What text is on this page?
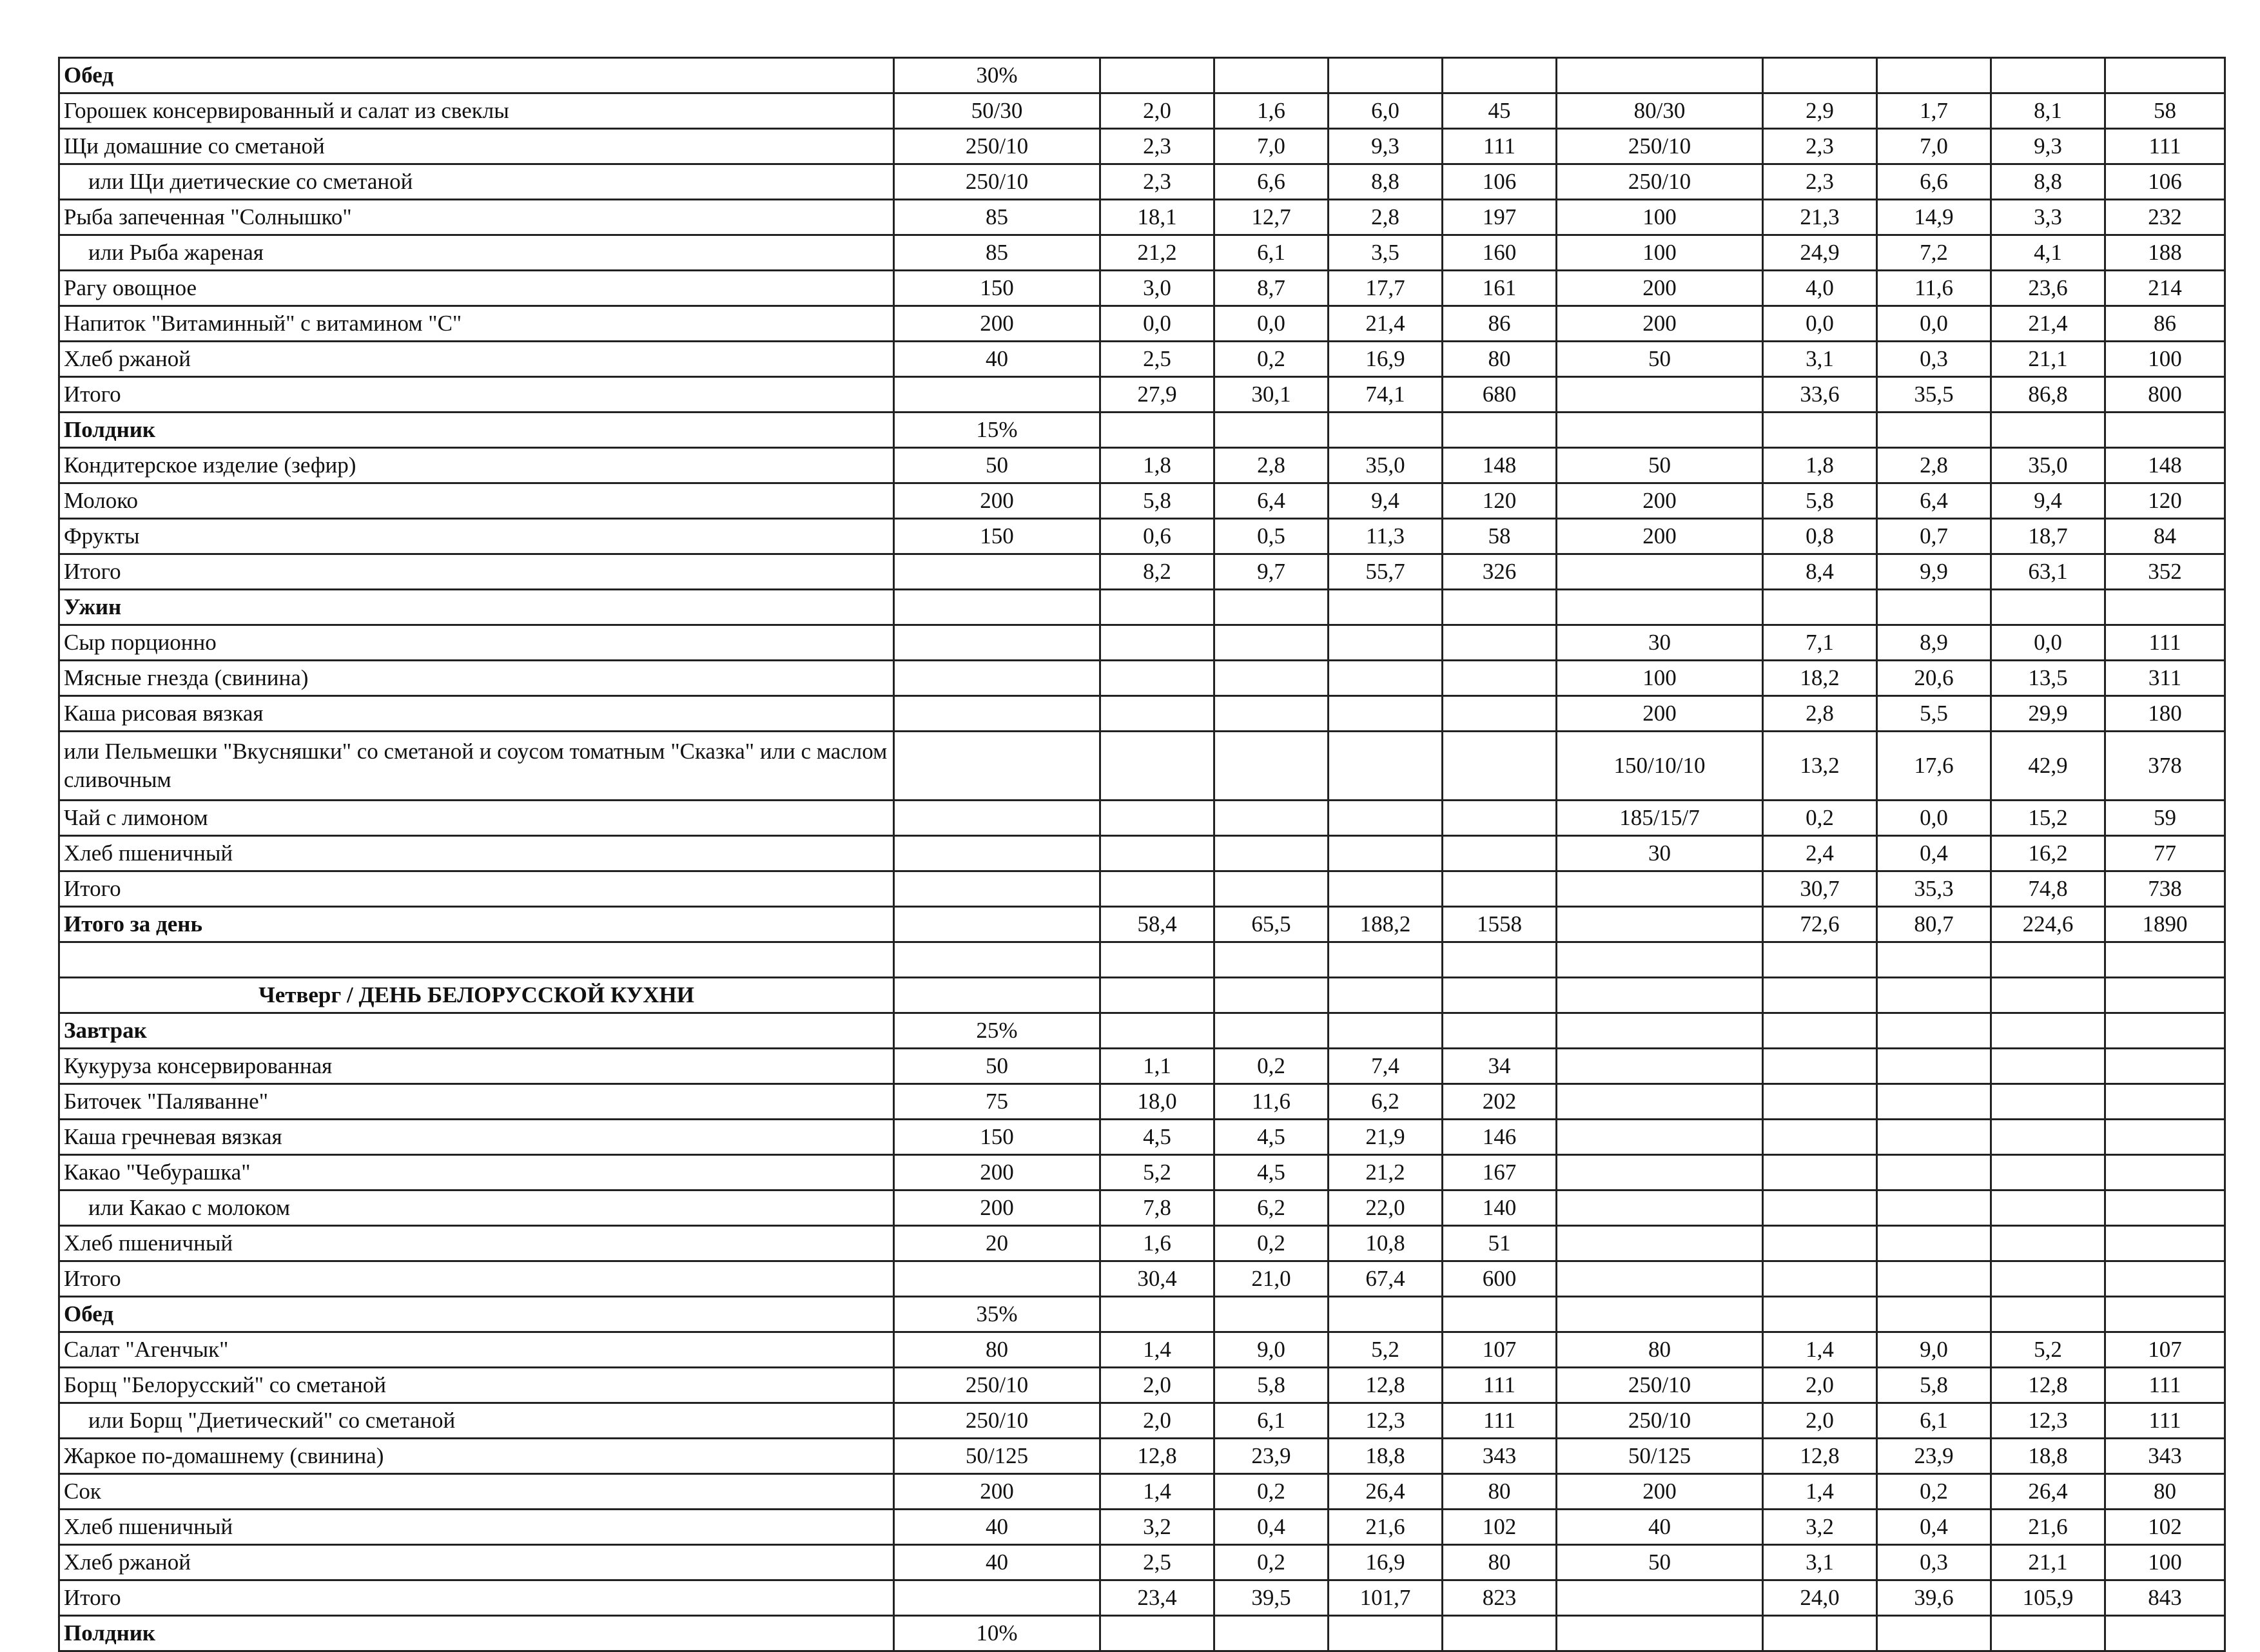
Обед	30%									
Горошек консервированный и салат из свеклы	50/30	2,0	1,6	6,0	45	80/30	2,9	1,7	8,1	58
Щи домашние со сметаной	250/10	2,3	7,0	9,3	111	250/10	2,3	7,0	9,3	111
или Щи диетические со сметаной	250/10	2,3	6,6	8,8	106	250/10	2,3	6,6	8,8	106
Рыба запеченная "Солнышко"	85	18,1	12,7	2,8	197	100	21,3	14,9	3,3	232
или Рыба жареная	85	21,2	6,1	3,5	160	100	24,9	7,2	4,1	188
Рагу овощное	150	3,0	8,7	17,7	161	200	4,0	11,6	23,6	214
Напиток "Витаминный" с витамином "С"	200	0,0	0,0	21,4	86	200	0,0	0,0	21,4	86
Хлеб ржаной	40	2,5	0,2	16,9	80	50	3,1	0,3	21,1	100
Итого		27,9	30,1	74,1	680		33,6	35,5	86,8	800
Полдник	15%									
Кондитерское изделие (зефир)	50	1,8	2,8	35,0	148	50	1,8	2,8	35,0	148
Молоко	200	5,8	6,4	9,4	120	200	5,8	6,4	9,4	120
Фрукты	150	0,6	0,5	11,3	58	200	0,8	0,7	18,7	84
Итого		8,2	9,7	55,7	326		8,4	9,9	63,1	352
Ужин										
Сыр порционно						30	7,1	8,9	0,0	111
Мясные гнезда (свинина)						100	18,2	20,6	13,5	311
Каша рисовая вязкая						200	2,8	5,5	29,9	180
или Пельмешки "Вкусняшки" со сметаной и соусом томатным "Сказка" или с маслом сливочным						150/10/10	13,2	17,6	42,9	378
Чай с лимоном						185/15/7	0,2	0,0	15,2	59
Хлеб пшеничный						30	2,4	0,4	16,2	77
Итого							30,7	35,3	74,8	738
Итого за день		58,4	65,5	188,2	1558		72,6	80,7	224,6	1890

Четверг / ДЕНЬ БЕЛОРУССКОЙ КУХНИ										
Завтрак	25%									
Кукуруза консервированная	50	1,1	0,2	7,4	34					
Биточек "Паляванне"	75	18,0	11,6	6,2	202					
Каша гречневая вязкая	150	4,5	4,5	21,9	146					
Какао "Чебурашка"	200	5,2	4,5	21,2	167					
или Какао с молоком	200	7,8	6,2	22,0	140					
Хлеб пшеничный	20	1,6	0,2	10,8	51					
Итого		30,4	21,0	67,4	600					
Обед	35%									
Салат "Агенчык"	80	1,4	9,0	5,2	107	80	1,4	9,0	5,2	107
Борщ "Белорусский" со сметаной	250/10	2,0	5,8	12,8	111	250/10	2,0	5,8	12,8	111
или Борщ "Диетический" со сметаной	250/10	2,0	6,1	12,3	111	250/10	2,0	6,1	12,3	111
Жаркое по-домашнему (свинина)	50/125	12,8	23,9	18,8	343	50/125	12,8	23,9	18,8	343
Сок	200	1,4	0,2	26,4	80	200	1,4	0,2	26,4	80
Хлеб пшеничный	40	3,2	0,4	21,6	102	40	3,2	0,4	21,6	102
Хлеб ржаной	40	2,5	0,2	16,9	80	50	3,1	0,3	21,1	100
Итого		23,4	39,5	101,7	823		24,0	39,6	105,9	843
Полдник	10%									
